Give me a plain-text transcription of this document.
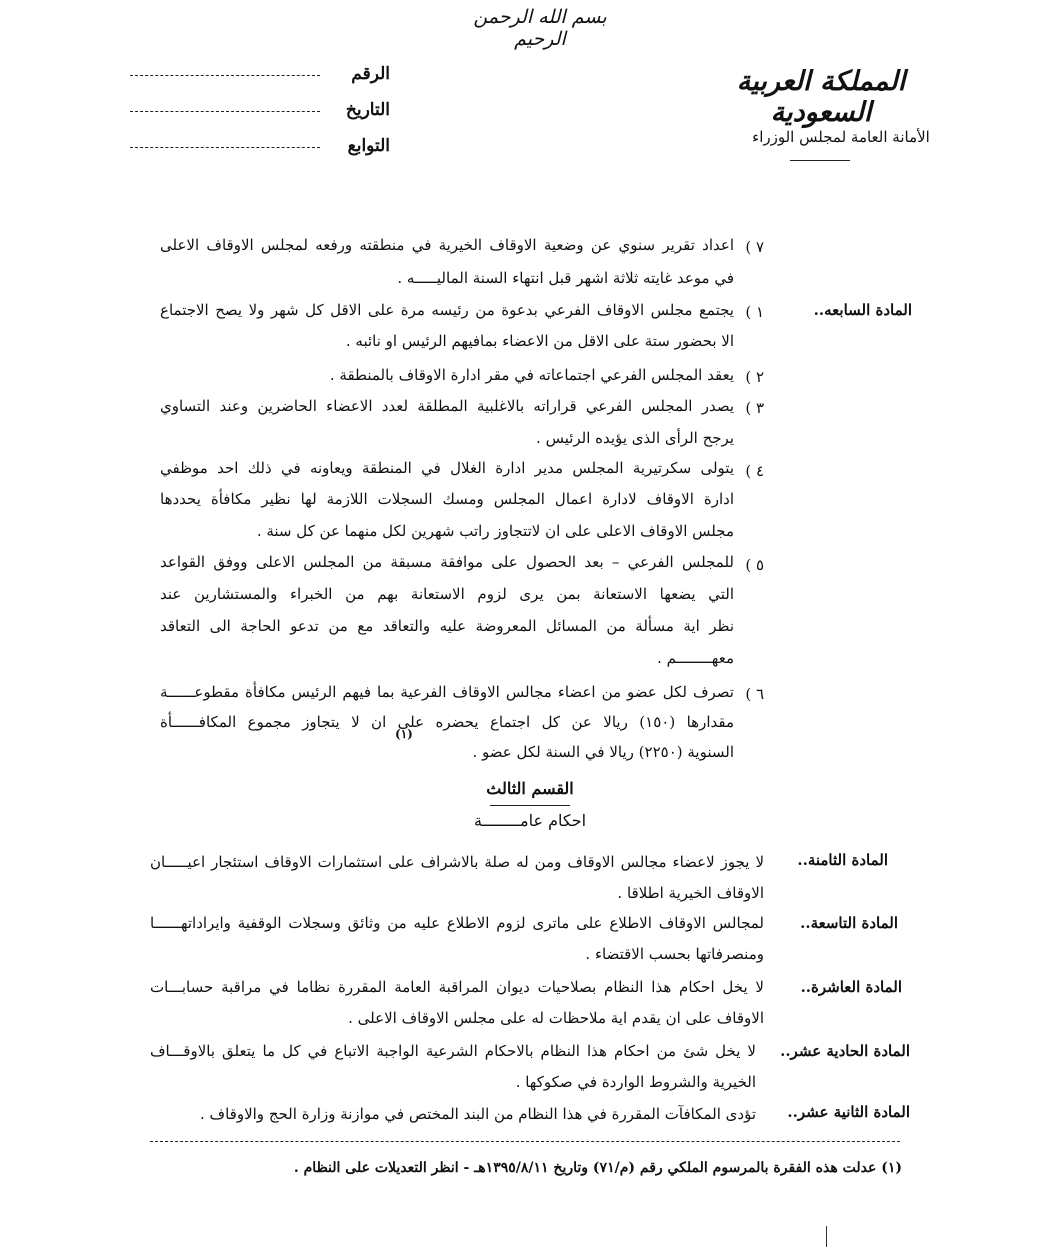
بسم الله الرحمن الرحيم
الرقم
التاريخ
التوابع
المملكة العربية السعودية
الأمانة العامة لمجلس الوزراء
٧ )
اعداد تقرير سنوي عن وضعية الاوقاف الخيرية في منطقته ورفعه لمجلس الاوقاف الاعلى
في موعد غايته ثلاثة اشهر قبل انتهاء السنة الماليـــــه .
المادة السابعه..
١ )
يجتمع مجلس الاوقاف الفرعي بدعوة من رئيسه مرة على الاقل كل شهر ولا يصح الاجتماع
الا بحضور ستة على الاقل من الاعضاء بمافيهم الرئيس او نائبه .
٢ )
يعقد المجلس الفرعي اجتماعاته في مقر ادارة الاوقاف بالمنطقة .
٣ )
يصدر المجلس الفرعي قراراته بالاغلبية المطلقة لعدد الاعضاء الحاضرين وعند التساوي
يرجح الرأى الذى يؤيده الرئيس .
٤ )
يتولى سكرتيرية المجلس مدير ادارة الغلال في المنطقة ويعاونه في ذلك احد موظفي
ادارة الاوقاف لادارة اعمال المجلس ومسك السجلات اللازمة لها نظير مكافأة يحددها
مجلس الاوقاف الاعلى على ان لاتتجاوز راتب شهرين لكل منهما عن كل سنة .
٥ )
للمجلس الفرعي – بعد الحصول على موافقة مسبقة من المجلس الاعلى ووفق القواعد
التي يضعها الاستعانة بمن يرى لزوم الاستعانة بهم من الخبراء والمستشارين عند
نظر اية مسألة من المسائل المعروضة عليه والتعاقد مع من تدعو الحاجة الى التعاقد
معهــــــــم .
٦ )
تصرف لكل عضو من اعضاء مجالس الاوقاف الفرعية بما فيهم الرئيس مكافأة مقطوعــــــة
مقدارها (١٥٠) ريالا عن كل اجتماع يحضره على ان لا يتجاوز مجموع المكافــــــأة
السنوية (٢٢٥٠) ريالا في السنة لكل عضو .
(١)
القسم الثالث
احكام عامــــــــة
المادة الثامنة..
لا يجوز لاعضاء مجالس الاوقاف ومن له صلة بالاشراف على استثمارات الاوقاف استئجار اعيـــــان
الاوقاف الخيرية اطلاقا .
المادة التاسعة..
لمجالس الاوقاف الاطلاع على ماترى لزوم الاطلاع عليه من وثائق وسجلات الوقفية وايراداتهــــــا
ومنصرفاتها بحسب الاقتضاء .
المادة العاشرة..
لا يخل احكام هذا النظام بصلاحيات ديوان المراقبة العامة المقررة نظاما في مراقبة حسابـــات
الاوقاف على ان يقدم اية ملاحظات له على مجلس الاوقاف الاعلى .
المادة الحادية عشر..
لا يخل شئ من احكام هذا النظام بالاحكام الشرعية الواجبة الاتباع في كل ما يتعلق بالاوقـــاف
الخيرية والشروط الواردة في صكوكها .
المادة الثانية عشر..
تؤدى المكافآت المقررة في هذا النظام من البند المختص في موازنة وزارة الحج والاوقاف .
(١) عدلت هذه الفقرة بالمرسوم الملكي رقم (م/٧١) وتاريخ ١٣٩٥/٨/١١هـ - انظر التعديلات على النظام .
